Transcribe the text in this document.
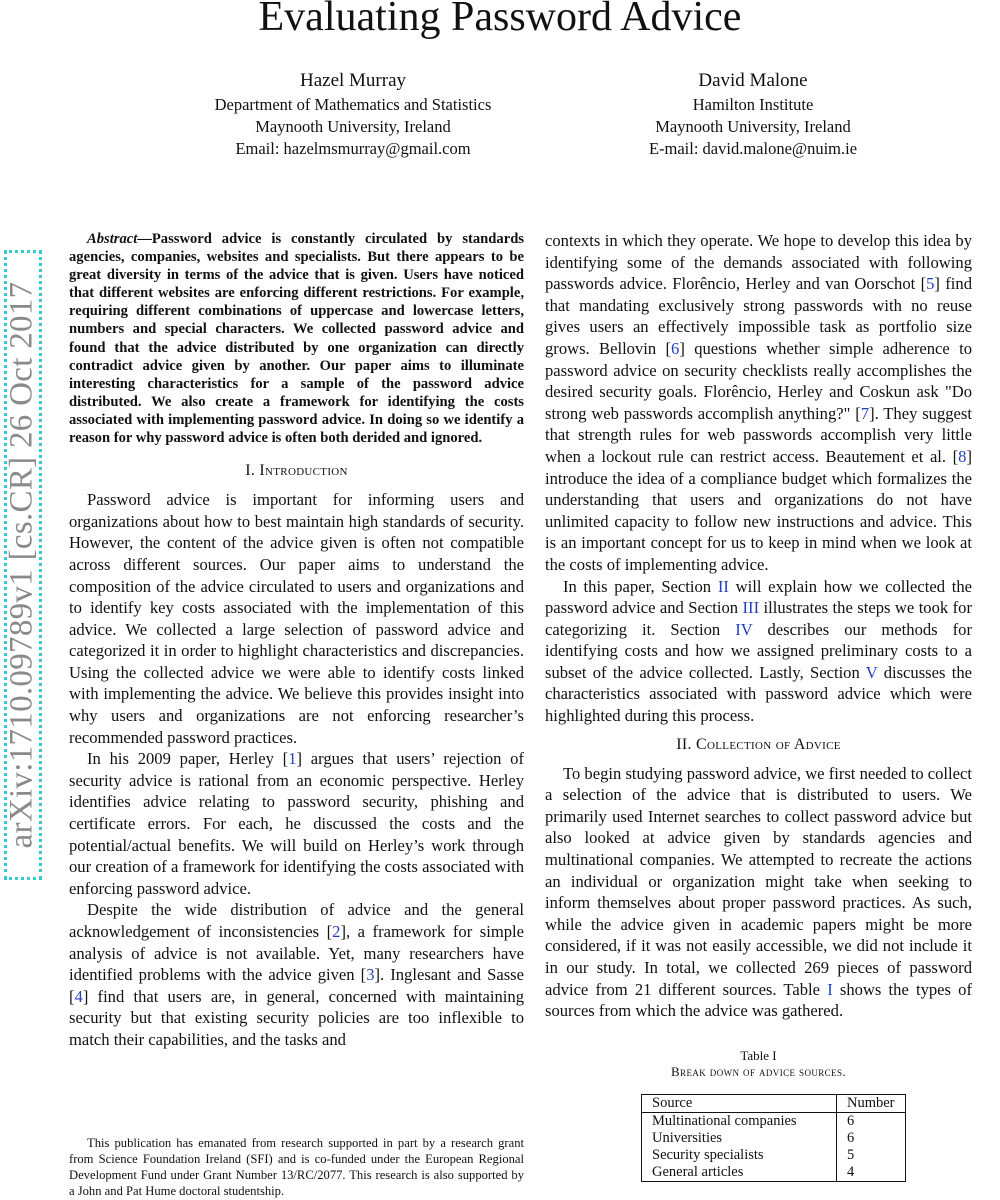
Evaluating Password Advice
Hazel Murray
Department of Mathematics and Statistics
Maynooth University, Ireland
Email: hazelmsmurray@gmail.com
David Malone
Hamilton Institute
Maynooth University, Ireland
E-mail: david.malone@nuim.ie
arXiv:1710.09789v1 [cs.CR] 26 Oct 2017

Abstract—Password advice is constantly circulated by standards agencies, companies, websites and specialists. But there appears to be great diversity in terms of the advice that is given. Users have noticed that different websites are enforcing different restrictions. For example, requiring different combinations of uppercase and lowercase letters, numbers and special characters. We collected password advice and found that the advice distributed by one organization can directly contradict advice given by another. Our paper aims to illuminate interesting characteristics for a sample of the password advice distributed. We also create a framework for identifying the costs associated with implementing password advice. In doing so we identify a reason for why password advice is often both derided and ignored.

I. Introduction

Password advice is important for informing users and organizations about how to best maintain high standards of security. However, the content of the advice given is often not compatible across different sources. Our paper aims to understand the composition of the advice circulated to users and organizations and to identify key costs associated with the implementation of this advice. We collected a large selection of password advice and categorized it in order to highlight characteristics and discrepancies. Using the collected advice we were able to identify costs linked with implementing the advice. We believe this provides insight into why users and organizations are not enforcing researcher’s recommended password practices.

In his 2009 paper, Herley [1] argues that users’ rejection of security advice is rational from an economic perspective. Herley identifies advice relating to password security, phishing and certificate errors. For each, he discussed the costs and the potential/actual benefits. We will build on Herley’s work through our creation of a framework for identifying the costs associated with enforcing password advice.

Despite the wide distribution of advice and the general acknowledgement of inconsistencies [2], a framework for simple analysis of advice is not available. Yet, many researchers have identified problems with the advice given [3]. Inglesant and Sasse [4] find that users are, in general, concerned with maintaining security but that existing security policies are too inflexible to match their capabilities, and the tasks and

This publication has emanated from research supported in part by a research grant from Science Foundation Ireland (SFI) and is co-funded under the European Regional Development Fund under Grant Number 13/RC/2077. This research is also supported by a John and Pat Hume doctoral studentship.

contexts in which they operate. We hope to develop this idea by identifying some of the demands associated with following passwords advice. Florêncio, Herley and van Oorschot [5] find that mandating exclusively strong passwords with no reuse gives users an effectively impossible task as portfolio size grows. Bellovin [6] questions whether simple adherence to password advice on security checklists really accomplishes the desired security goals. Florêncio, Herley and Coskun ask "Do strong web passwords accomplish anything?" [7]. They suggest that strength rules for web passwords accomplish very little when a lockout rule can restrict access. Beautement et al. [8] introduce the idea of a compliance budget which formalizes the understanding that users and organizations do not have unlimited capacity to follow new instructions and advice. This is an important concept for us to keep in mind when we look at the costs of implementing advice.

In this paper, Section II will explain how we collected the password advice and Section III illustrates the steps we took for categorizing it. Section IV describes our methods for identifying costs and how we assigned preliminary costs to a subset of the advice collected. Lastly, Section V discusses the characteristics associated with password advice which were highlighted during this process.

II. Collection of Advice

To begin studying password advice, we first needed to collect a selection of the advice that is distributed to users. We primarily used Internet searches to collect password advice but also looked at advice given by standards agencies and multinational companies. We attempted to recreate the actions an individual or organization might take when seeking to inform themselves about proper password practices. As such, while the advice given in academic papers might be more considered, if it was not easily accessible, we did not include it in our study. In total, we collected 269 pieces of password advice from 21 different sources. Table I shows the types of sources from which the advice was gathered.

Table I
Break down of advice sources.
Source	Number
Multinational companies	6
Universities	6
Security specialists	5
General articles	4
